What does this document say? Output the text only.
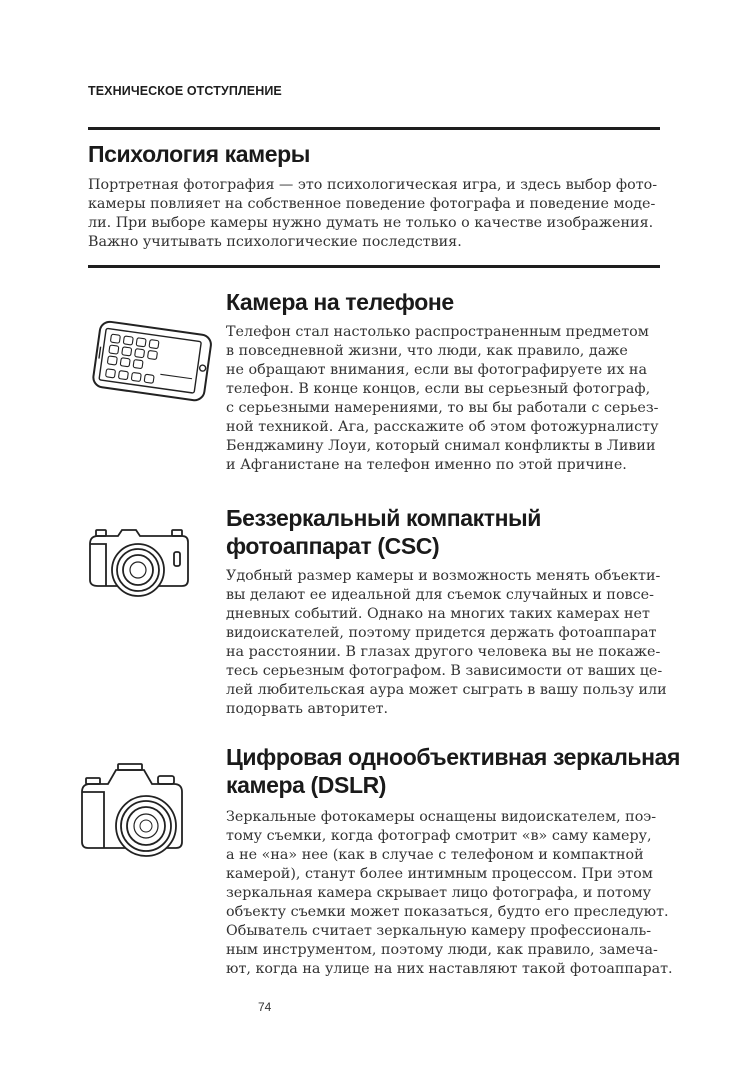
ТЕХНИЧЕСКОЕ ОТСТУПЛЕНИЕ
Психология камеры

Портретная фотография — это психологическая игра, и здесь выбор фото-
камеры повлияет на собственное поведение фотографа и поведение моде-
ли. При выборе камеры нужно думать не только о качестве изображения.
Важно учитывать психологические последствия.

Камера на телефоне

Телефон стал настолько распространенным предметом
в повседневной жизни, что люди, как правило, даже
не обращают внимания, если вы фотографируете их на
телефон. В конце концов, если вы серьезный фотограф,
с серьезными намерениями, то вы бы работали с серьез-
ной техникой. Ага, расскажите об этом фотожурналисту
Бенджамину Лоуи, который снимал конфликты в Ливии
и Афганистане на телефон именно по этой причине.

Беззеркальный компактный
фотоаппарат (CSC)

Удобный размер камеры и возможность менять объекти-
вы делают ее идеальной для съемок случайных и повсе-
дневных событий. Однако на многих таких камерах нет
видоискателей, поэтому придется держать фотоаппарат
на расстоянии. В глазах другого человека вы не покаже-
тесь серьезным фотографом. В зависимости от ваших це-
лей любительская аура может сыграть в вашу пользу или
подорвать авторитет.

Цифровая однообъективная зеркальная
камера (DSLR)

Зеркальные фотокамеры оснащены видоискателем, поэ-
тому съемки, когда фотограф смотрит «в» саму камеру,
а не «на» нее (как в случае с телефоном и компактной
камерой), станут более интимным процессом. При этом
зеркальная камера скрывает лицо фотографа, и потому
объекту съемки может показаться, будто его преследуют.
Обыватель считает зеркальную камеру профессиональ-
ным инструментом, поэтому люди, как правило, замеча-
ют, когда на улице на них наставляют такой фотоаппарат.

74
